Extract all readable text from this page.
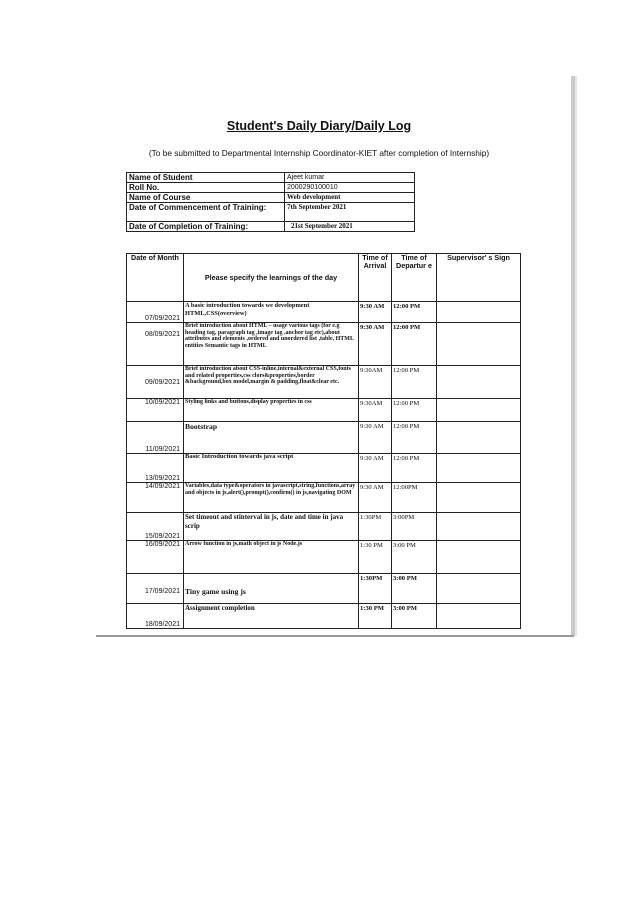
Student's Daily Diary/Daily Log
(To be submitted to Departmental Internship Coordinator-KIET after completion of Internship)
Name of Student	Ajeet kumar
Roll No.	2000290100010
Name of Course	Web development
Date of Commencement of Training:	7th September 2021
Date of Completion of Training:	21st September 2021
Date of Month	Please specify the learnings of the day	Time of Arrival	Time of Departur e	Supervisor' s Sign
07/09/2021	A basic introduction towards we development HTML,CSS(overview)	9:30 AM	12:00 PM	
08/09/2021	Brief introduction about HTML – usage various tags (for e.g heading tag, paragraph tag ,image tag ,anchor tag etc),about attributes and elements ,ordered and unordered list ,table, HTML entities Semantic tags in HTML	9:30 AM	12:00 PM	
09/09/2021	Brief introduction about CSS-inline,internal&external CSS,fonts and related properties,css clors&properties,border &background,box model,margin & padding,float&clear etc.	9:30AM	12:00 PM	
10/09/2021	Styling links and buttons,display properties in css	9:30AM	12:00 PM	
11/09/2021	Bootstrap	9:30 AM	12:00 PM	
13/09/2021	Basic Introduction towards java script	9:30 AM	12:00 PM	
14/09/2021	Variables,data type&operators in javascript,string,functions,array and objects in js,alert(),prompt(),confirm() in js,navigating DOM	9:30 AM	12:00PM	
15/09/2021	Set timeout and stinterval in js, date and time in java scrip	1:30PM	3:00PM	
16/09/2021	Arrow function in js,math object in js Node.js	1:30 PM	3:00 PM	
17/09/2021	Tiny game using js	1:30PM	3:00 PM	
18/09/2021	Assignment completion	1:30 PM	3:00 PM	
